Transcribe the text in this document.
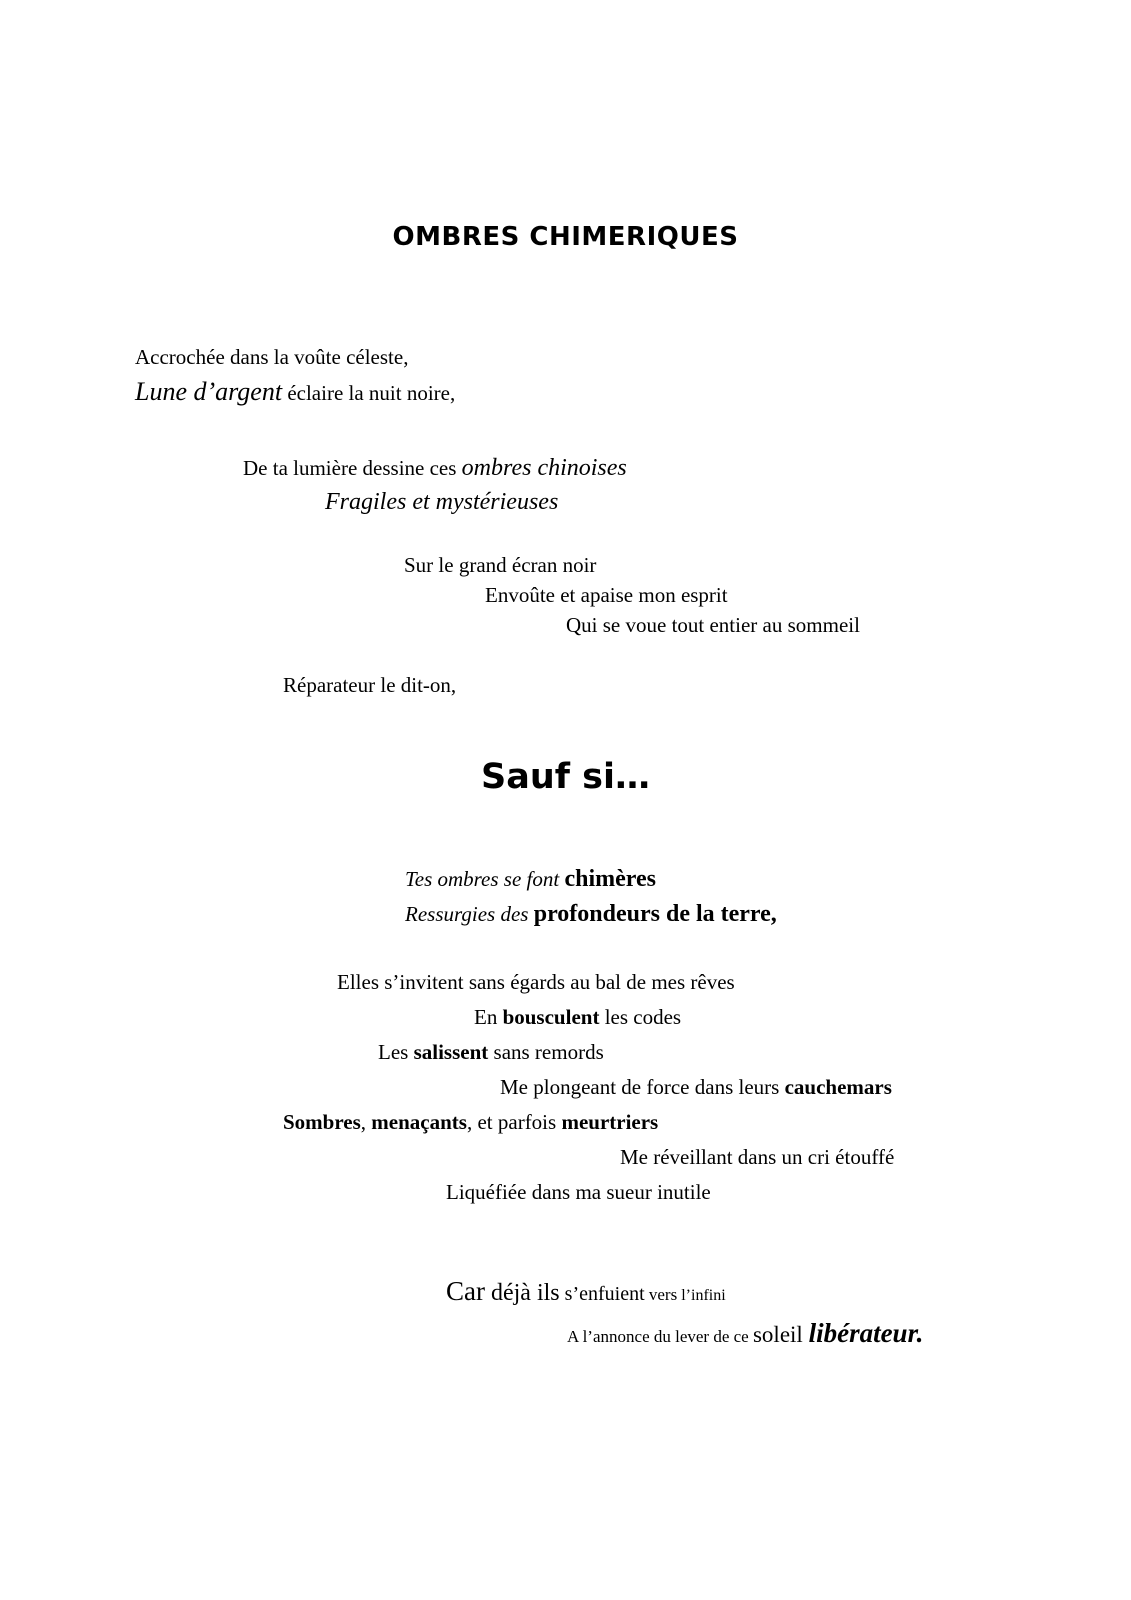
OMBRES CHIMERIQUES
Accrochée dans la voûte céleste,
Lune d’argent éclaire la nuit noire,
De ta lumière dessine ces ombres chinoises
Fragiles et mystérieuses
Sur le grand écran noir
Envoûte et apaise mon esprit
Qui se voue tout entier au sommeil
Réparateur le dit-on,
Sauf si…
Tes ombres se font chimères
Ressurgies des profondeurs de la terre,
Elles s’invitent sans égards au bal de mes rêves
En bousculent les codes
Les salissent sans remords
Me plongeant de force dans leurs cauchemars
Sombres, menaçants, et parfois meurtriers
Me réveillant dans un cri étouffé
Liquéfiée dans ma sueur inutile
Car déjà ils s’enfuient vers l’infini
A l’annonce du lever de ce soleil libérateur.
